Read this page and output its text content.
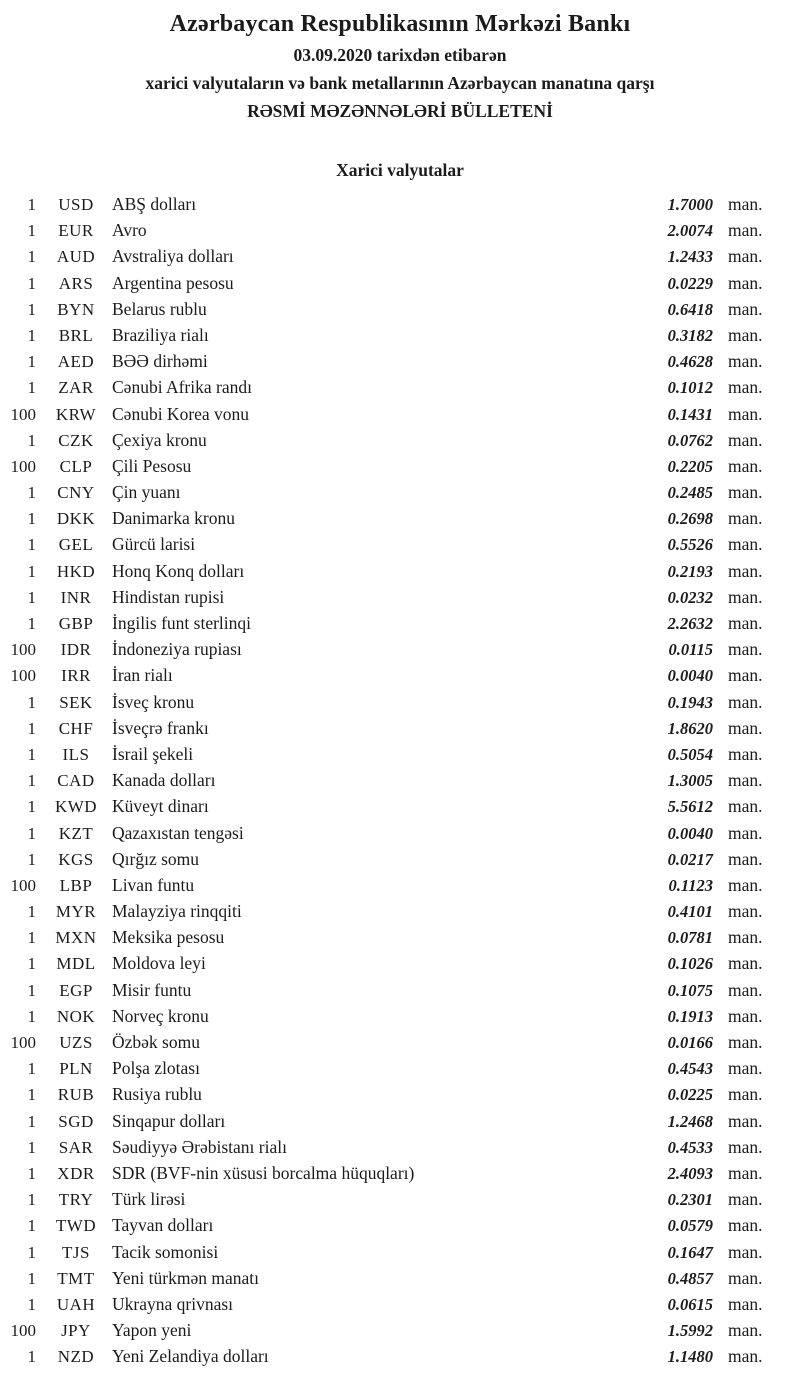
Azərbaycan Respublikasının Mərkəzi Bankı
03.09.2020 tarixdən etibarən
xarici valyutaların və bank metallarının Azərbaycan manatına qarşı
RƏSMİ MƏZƏNNƏLƏRİ BÜLLETENİ
Xarici valyutalar
1	USD	ABŞ dolları	1.7000 man.
1	EUR	Avro	2.0074 man.
1	AUD Avstraliya dolları	1.2433 man.
1	ARS	Argentina pesosu	0.0229 man.
1	BYN Belarus rublu	0.6418 man.
1	BRL	Braziliya rialı	0.3182 man.
1	AED	BƏƏ dirhəmi	0.4628 man.
1	ZAR	Cənubi Afrika randı	0.1012 man.
100	KRW Cənubi Korea vonu	0.1431 man.
1	CZK	Çexiya kronu	0.0762 man.
100	CLP	Çili Pesosu	0.2205 man.
1	CNY Çin yuanı	0.2485 man.
1	DKK Danimarka kronu	0.2698 man.
1	GEL	Gürcü larisi	0.5526 man.
1	HKD Honq Konq dolları	0.2193 man.
1	INR	Hindistan rupisi	0.0232 man.
1	GBP	İngilis funt sterlinqi	2.2632 man.
100	IDR	İndoneziya rupiası	0.0115 man.
100	IRR	İran rialı	0.0040 man.
1	SEK	İsveç kronu	0.1943 man.
1	CHF	İsveçrə frankı	1.8620 man.
1	ILS	İsrail şekeli	0.5054 man.
1	CAD Kanada dolları	1.3005 man.
1	KWD Küveyt dinarı	5.5612 man.
1	KZT	Qazaxıstan tengəsi	0.0040 man.
1	KGS	Qırğız somu	0.0217 man.
100	LBP	Livan funtu	0.1123 man.
1	MYR Malayziya rinqqiti	0.4101 man.
1	MXN Meksika pesosu	0.0781 man.
1	MDL Moldova leyi	0.1026 man.
1	EGP	Misir funtu	0.1075 man.
1	NOK Norveç kronu	0.1913 man.
100	UZS	Özbək somu	0.0166 man.
1	PLN	Polşa zlotası	0.4543 man.
1	RUB	Rusiya rublu	0.0225 man.
1	SGD	Sinqapur dolları	1.2468 man.
1	SAR	Səudiyyə Ərəbistanı rialı	0.4533 man.
1	XDR SDR (BVF-nin xüsusi borcalma hüquqları)	2.4093 man.
1	TRY	Türk lirəsi	0.2301 man.
1	TWD Tayvan dolları	0.0579 man.
1	TJS	Tacik somonisi	0.1647 man.
1	TMT Yeni türkmən manatı	0.4857 man.
1	UAH Ukrayna qrivnası	0.0615 man.
100	JPY	Yapon yeni	1.5992 man.
1	NZD	Yeni Zelandiya dolları	1.1480 man.
